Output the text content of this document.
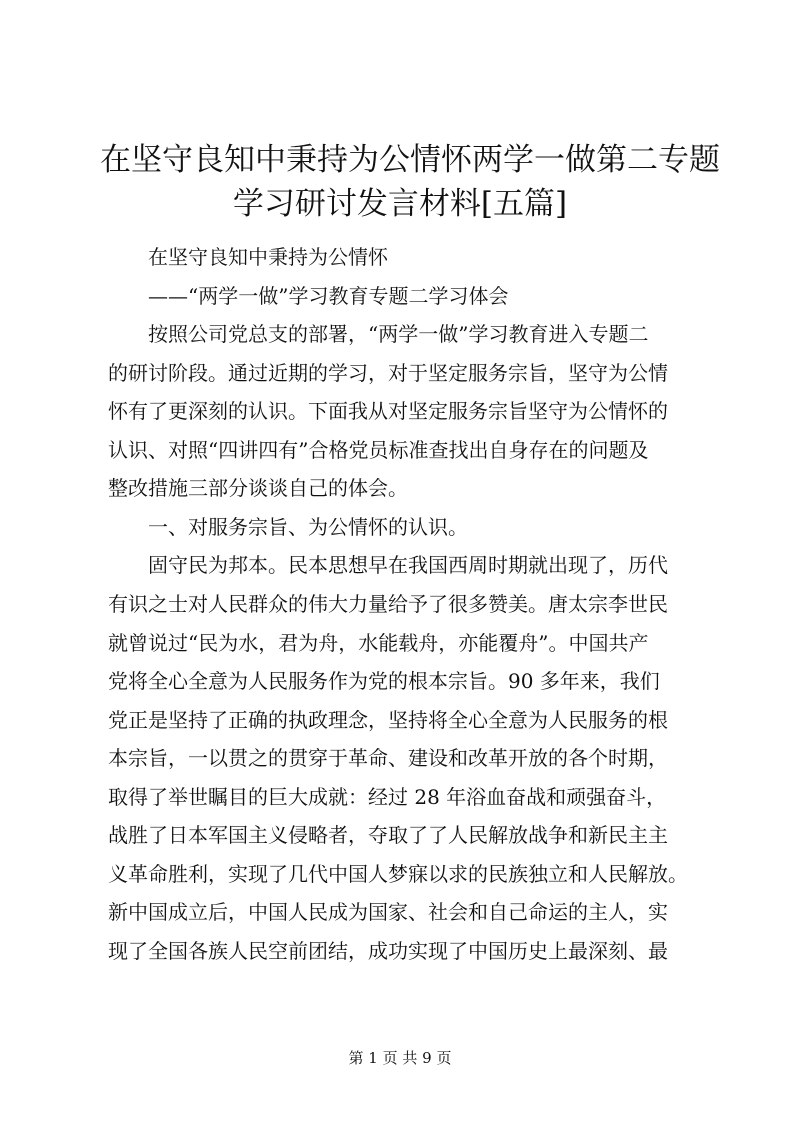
在坚守良知中秉持为公情怀两学一做第二专题
学习研讨发言材料[五篇]

　　在坚守良知中秉持为公情怀

　　——“两学一做”学习教育专题二学习体会

　　按照公司党总支的部署，“两学一做”学习教育进入专题二

的研讨阶段。通过近期的学习，对于坚定服务宗旨，坚守为公情

怀有了更深刻的认识。下面我从对坚定服务宗旨坚守为公情怀的

认识、对照“四讲四有”合格党员标准查找出自身存在的问题及

整改措施三部分谈谈自己的体会。

　　一、对服务宗旨、为公情怀的认识。

　　固守民为邦本。民本思想早在我国西周时期就出现了，历代

有识之士对人民群众的伟大力量给予了很多赞美。唐太宗李世民

就曾说过“民为水，君为舟，水能载舟，亦能覆舟”。中国共产

党将全心全意为人民服务作为党的根本宗旨。90 多年来，我们

党正是坚持了正确的执政理念，坚持将全心全意为人民服务的根

本宗旨，一以贯之的贯穿于革命、建设和改革开放的各个时期，

取得了举世瞩目的巨大成就：经过 28 年浴血奋战和顽强奋斗，

战胜了日本军国主义侵略者，夺取了了人民解放战争和新民主主

义革命胜利，实现了几代中国人梦寐以求的民族独立和人民解放。

新中国成立后，中国人民成为国家、社会和自己命运的主人，实

现了全国各族人民空前团结，成功实现了中国历史上最深刻、最

第 1 页 共 9 页
